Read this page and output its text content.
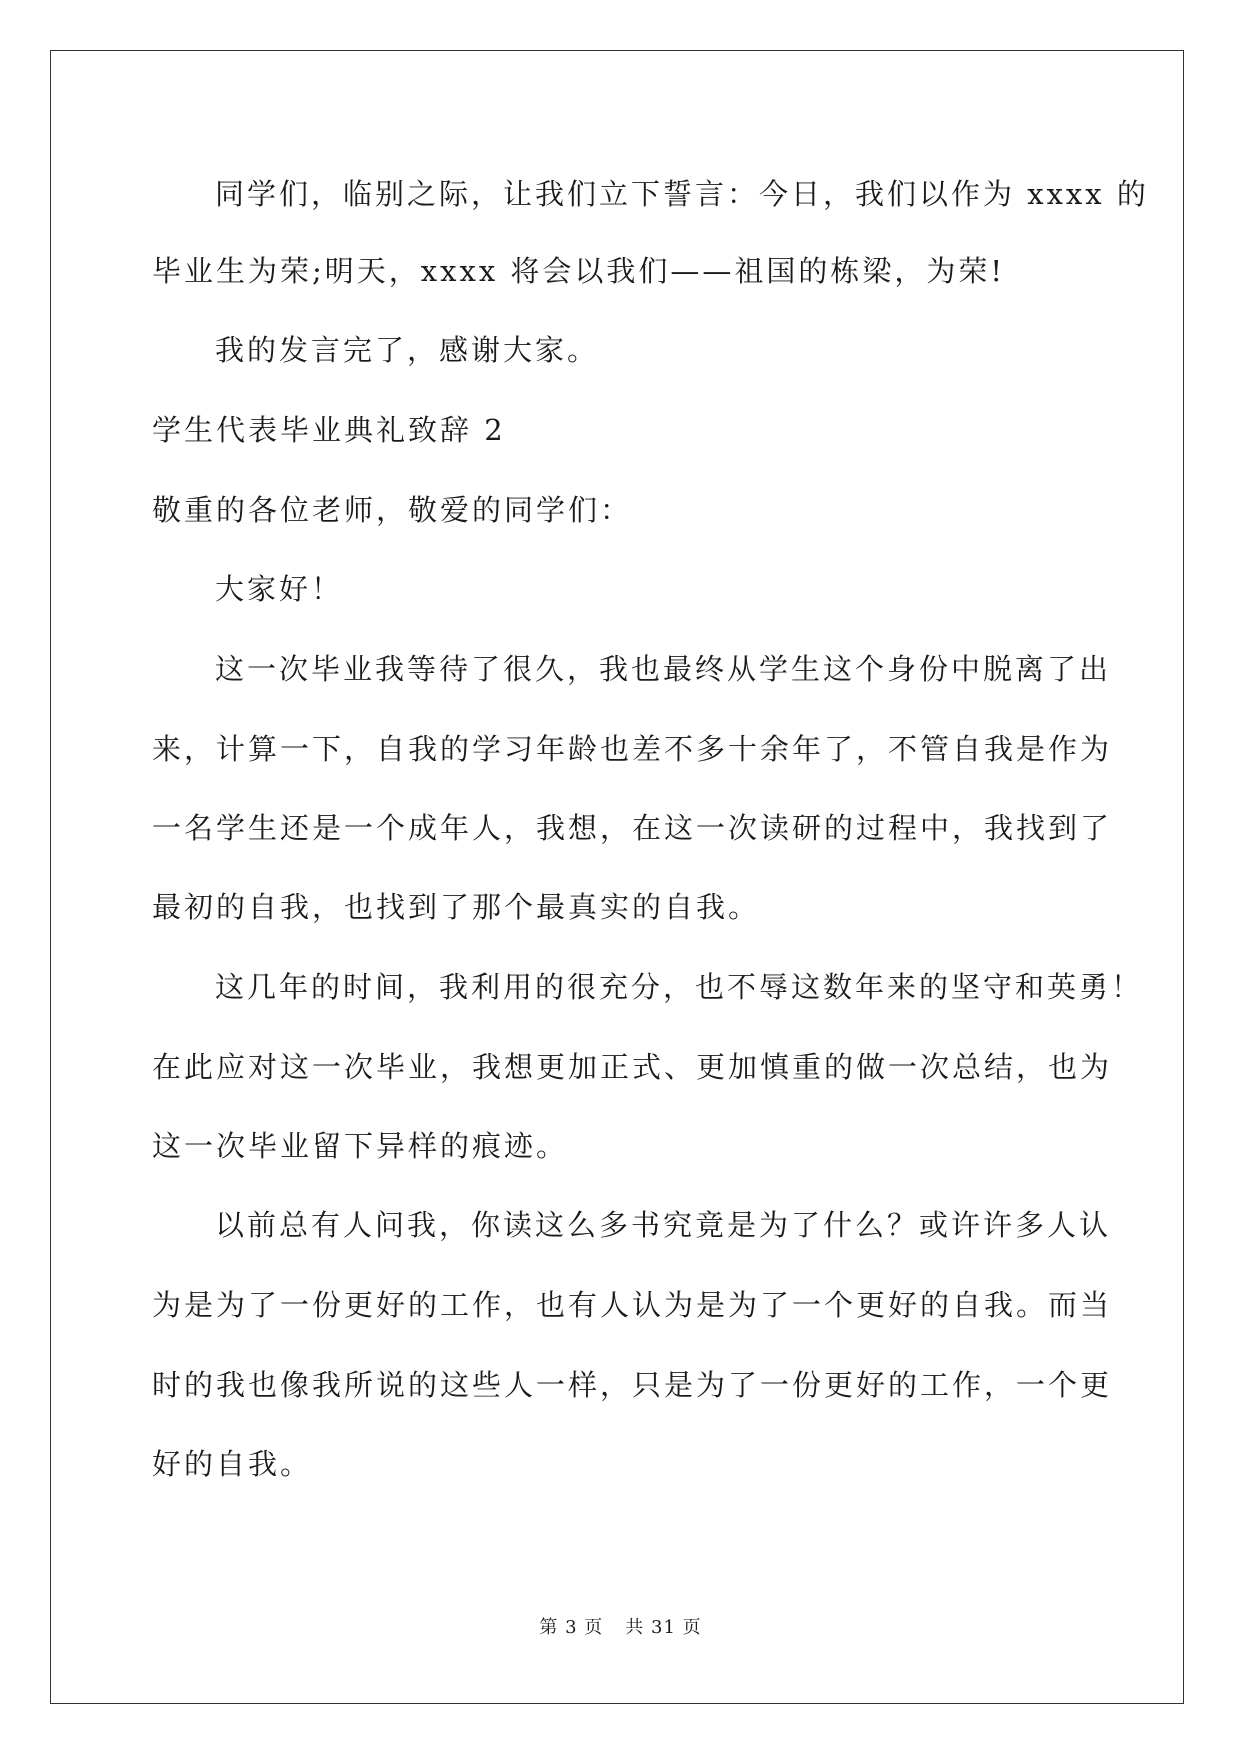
同学们，临别之际，让我们立下誓言：今日，我们以作为 xxxx 的
毕业生为荣;明天，xxxx 将会以我们——祖国的栋梁，为荣!
我的发言完了，感谢大家。
学生代表毕业典礼致辞 2
敬重的各位老师，敬爱的同学们：
大家好！
这一次毕业我等待了很久，我也最终从学生这个身份中脱离了出
来，计算一下，自我的学习年龄也差不多十余年了，不管自我是作为
一名学生还是一个成年人，我想，在这一次读研的过程中，我找到了
最初的自我，也找到了那个最真实的自我。
这几年的时间，我利用的很充分，也不辱这数年来的坚守和英勇！
在此应对这一次毕业，我想更加正式、更加慎重的做一次总结，也为
这一次毕业留下异样的痕迹。
以前总有人问我，你读这么多书究竟是为了什么？或许许多人认
为是为了一份更好的工作，也有人认为是为了一个更好的自我。而当
时的我也像我所说的这些人一样，只是为了一份更好的工作，一个更
好的自我。
第 3 页 共 31 页
